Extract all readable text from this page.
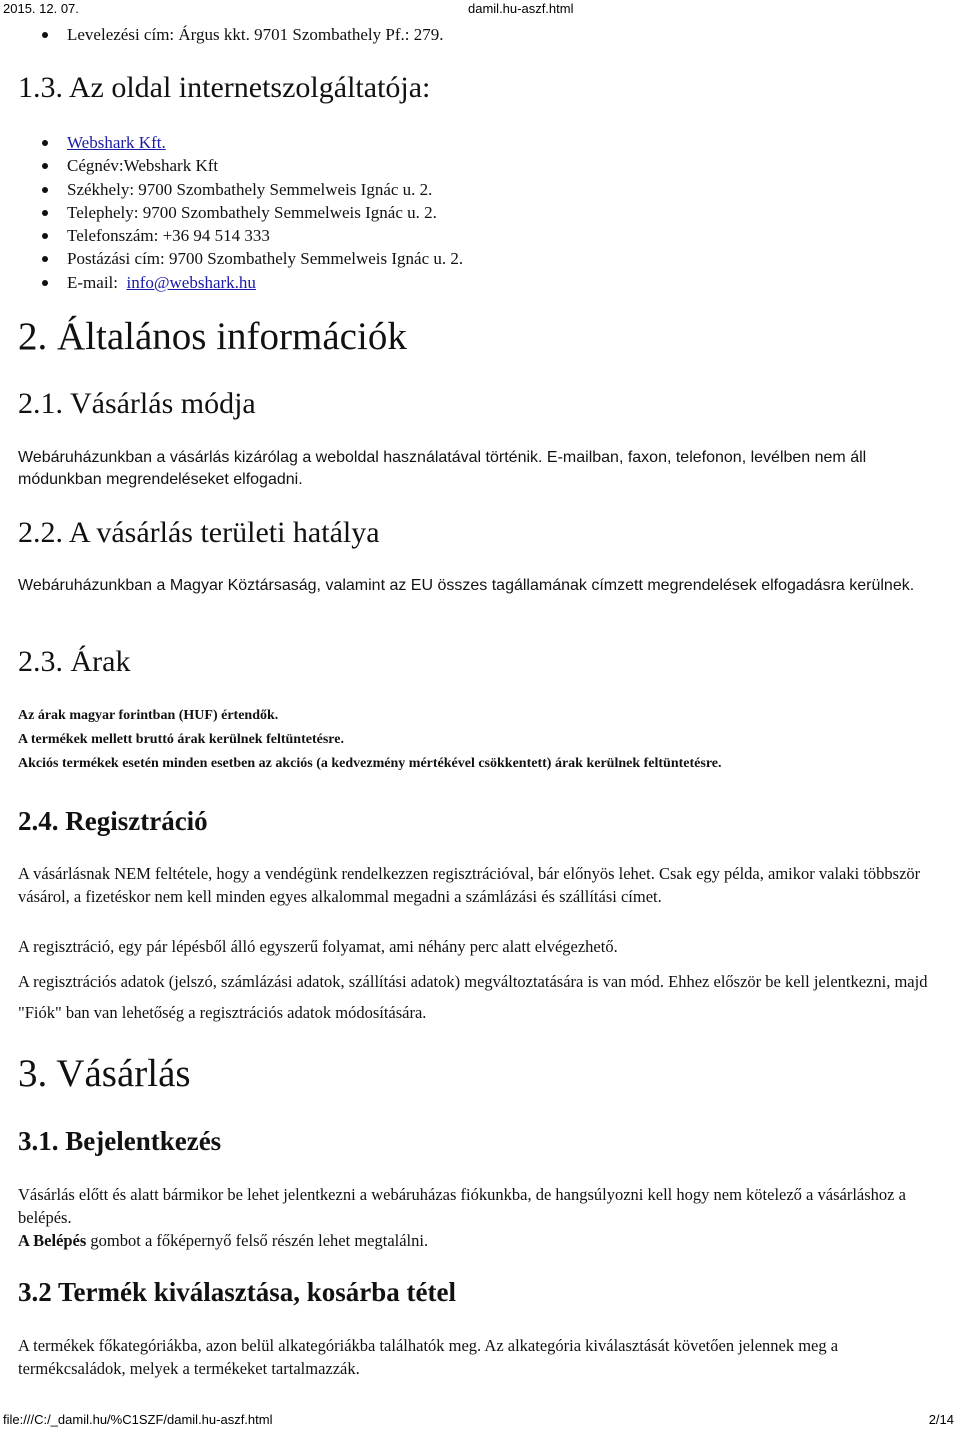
2015. 12. 07.	damil.hu-aszf.html
Levelezési cím: Árgus kkt. 9701 Szombathely Pf.: 279.
1.3. Az oldal internetszolgáltatója:
Webshark Kft.
Cégnév:Webshark Kft
Székhely: 9700 Szombathely Semmelweis Ignác u. 2.
Telephely: 9700 Szombathely Semmelweis Ignác u. 2.
Telefonszám: +36 94 514 333
Postázási cím: 9700 Szombathely Semmelweis Ignác u. 2.
E-mail:  info@webshark.hu
2. Általános információk
2.1. Vásárlás módja

Webáruházunkban a vásárlás kizárólag a weboldal használatával történik. E-mailban, faxon, telefonon, levélben nem áll módunkban megrendeléseket elfogadni.

2.2. A vásárlás területi hatálya

Webáruházunkban a Magyar Köztársaság, valamint az EU összes tagállamának címzett megrendelések elfogadásra kerülnek.

2.3. Árak
Az árak magyar forintban (HUF) értendők.
A termékek mellett bruttó árak kerülnek feltüntetésre.
Akciós termékek esetén minden esetben az akciós (a kedvezmény mértékével csökkentett) árak kerülnek feltüntetésre.
2.4. Regisztráció

A vásárlásnak NEM feltétele, hogy a vendégünk rendelkezzen regisztrációval, bár előnyös lehet. Csak egy példa, amikor valaki többször vásárol, a fizetéskor nem kell minden egyes alkalommal megadni a számlázási és szállítási címet.

A regisztráció, egy pár lépésből álló egyszerű folyamat, ami néhány perc alatt elvégezhető.

A regisztrációs adatok (jelszó, számlázási adatok, szállítási adatok) megváltoztatására is van mód. Ehhez először be kell jelentkezni, majd "Fiók" ban van lehetőség a regisztrációs adatok módosítására.

3. Vásárlás
3.1. Bejelentkezés

Vásárlás előtt és alatt bármikor be lehet jelentkezni a webáruházas fiókunkba, de hangsúlyozni kell hogy nem kötelező a vásárláshoz a belépés.

A Belépés gombot a főképernyő felső részén lehet megtalálni.

3.2 Termék kiválasztása, kosárba tétel

A termékek főkategóriákba, azon belül alkategóriákba találhatók meg. Az alkategória kiválasztását követően jelennek meg a termékcsaládok, melyek a termékeket tartalmazzák.

file:///C:/_damil.hu/%C1SZF/damil.hu-aszf.html	2/14
